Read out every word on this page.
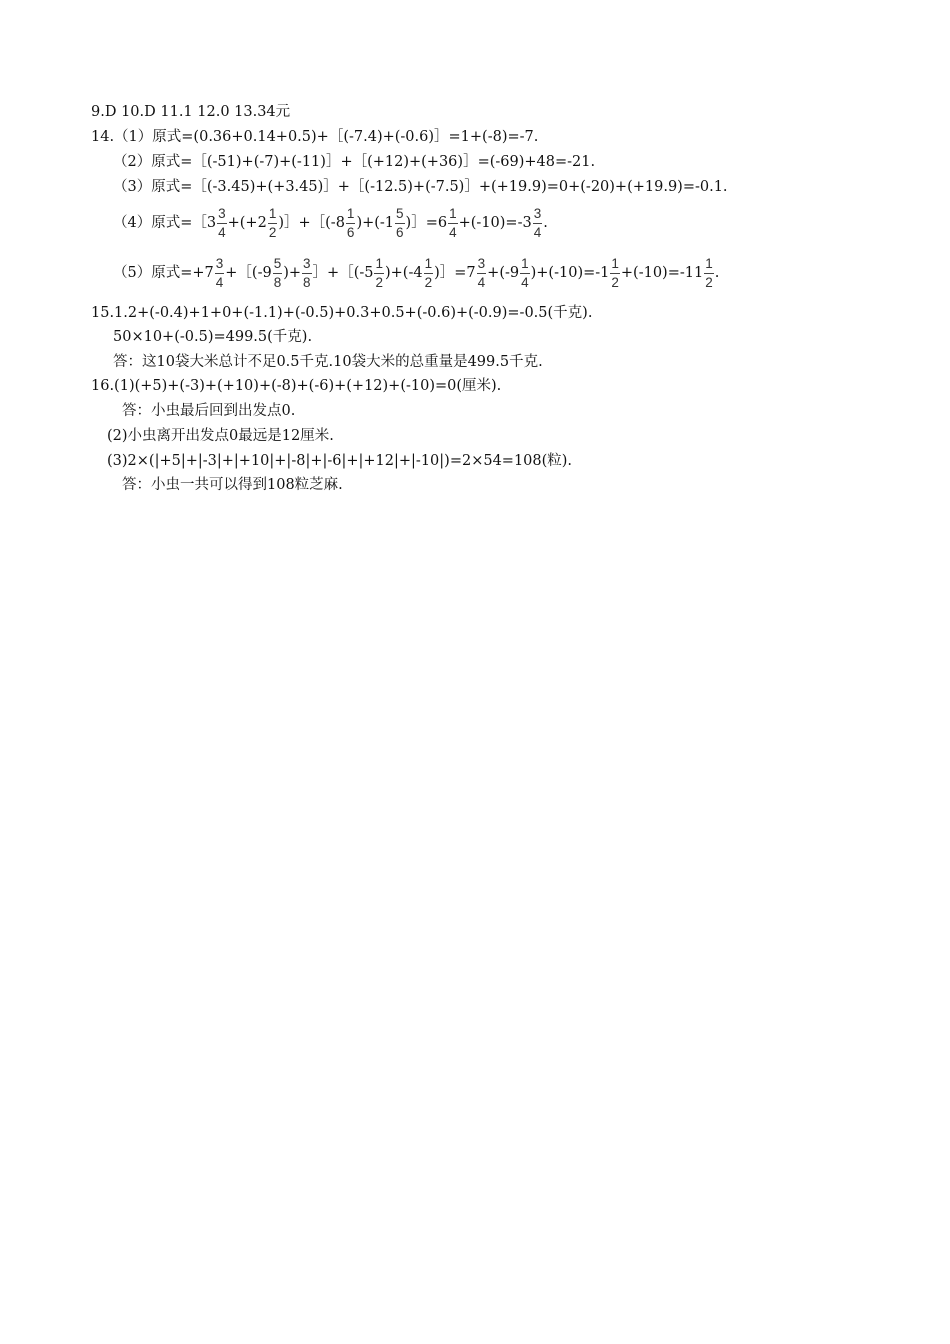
9.D 10.D 11.1 12.0 13.34元
14.（1）原式=(0.36+0.14+0.5)+［(-7.4)+(-0.6)］=1+(-8)=-7.
（2）原式=［(-51)+(-7)+(-11)］+［(+12)+(+36)］=(-69)+48=-21.
（3）原式=［(-3.45)+(+3.45)］+［(-12.5)+(-7.5)］+(+19.9)=0+(-20)+(+19.9)=-0.1.
（4）原式=［3 $\frac{3}{4} +(+2 \frac{1}{2}$ )］+［(-8 $\frac{1}{6} )+(-1 \frac{5}{6}$ )］=6 $\frac{1}{4} +(-10)=-3 \frac{3}{4}$ .
（5）原式$=+7 \frac{3}{4}$ +［(-9 $\frac{5}{8}$ )+ $\frac{3}{8}$ ］+［(-5 $\frac{1}{2} )+(-4 \frac{1}{2}$ )］=7 $\frac{3}{4} +(-9 \frac{1}{4} )+(-10)=-1 \frac{1}{2} +(-10)=-11 \frac{1}{2}$ .
15.1.2+(-0.4)+1+0+(-1.1)+(-0.5)+0.3+0.5+(-0.6)+(-0.9)=-0.5(千克).
50×10+(-0.5)=499.5(千克).
答：这10袋大米总计不足0.5千克.10袋大米的总重量是499.5千克.
16.(1)(+5)+(-3)+(+10)+(-8)+(-6)+(+12)+(-10)=0(厘米).
答：小虫最后回到出发点0.
(2)小虫离开出发点0最远是12厘米.
(3)2×(|+5|+|-3|+|+10|+|-8|+|-6|+|+12|+|-10|)=2×54=108(粒).
答：小虫一共可以得到108粒芝麻.
